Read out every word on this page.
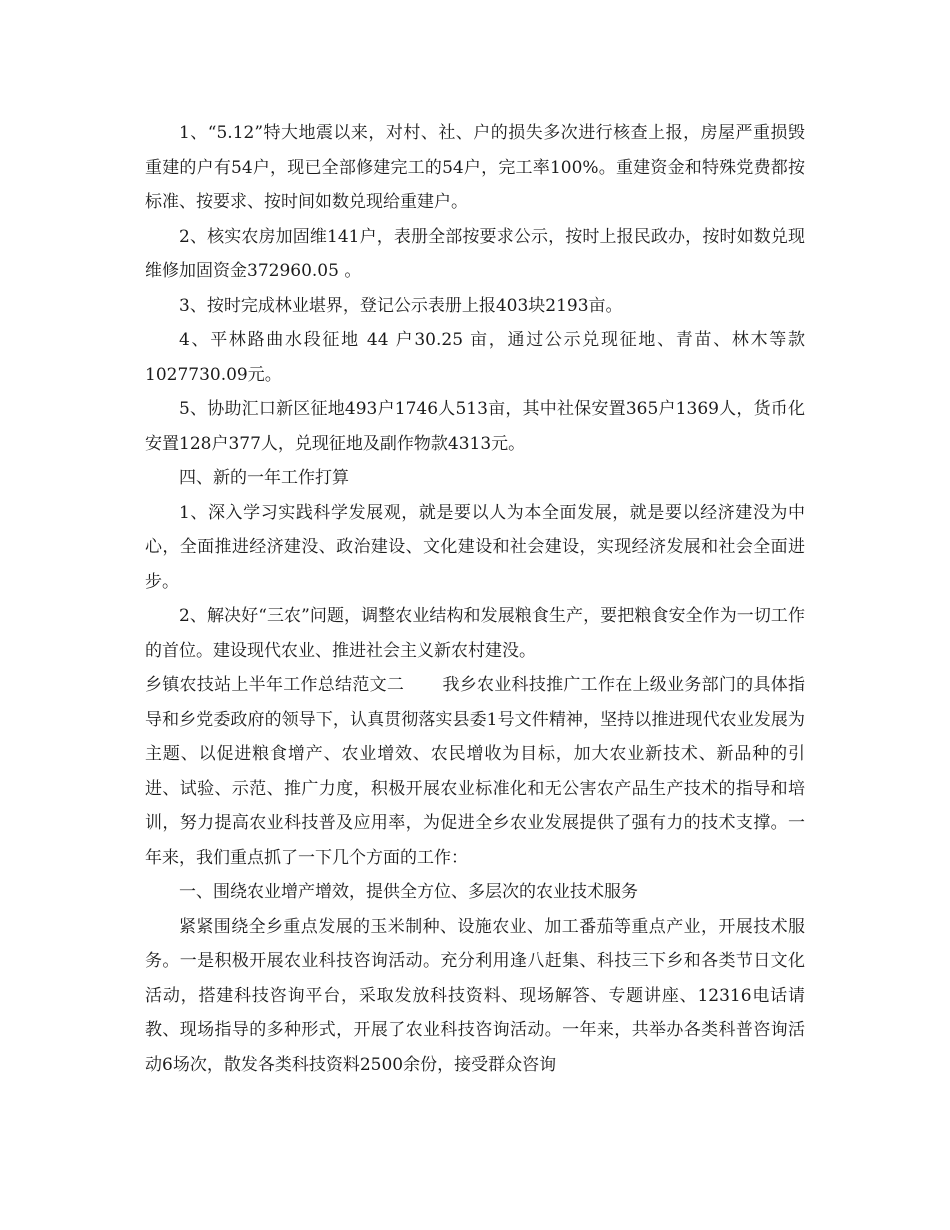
1、“5.12”特大地震以来，对村、社、户的损失多次进行核查上报，房屋严重损毁重建的户有54户，现已全部修建完工的54户，完工率100%。重建资金和特殊党费都按标准、按要求、按时间如数兑现给重建户。

2、核实农房加固维141户，表册全部按要求公示，按时上报民政办，按时如数兑现维修加固资金372960.05 。

3、按时完成林业堪界，登记公示表册上报403块2193亩。

4、平林路曲水段征地 44 户30.25 亩，通过公示兑现征地、青苗、林木等款1027730.09元。

5、协助汇口新区征地493户1746人513亩，其中社保安置365户1369人，货币化安置128户377人，兑现征地及副作物款4313元。

四、新的一年工作打算

1、深入学习实践科学发展观，就是要以人为本全面发展，就是要以经济建没为中心，全面推进经济建没、政治建设、文化建设和社会建设，实现经济发展和社会全面进步。

2、解决好“三农”问题，调整农业结构和发展粮食生产，要把粮食安全作为一切工作的首位。建设现代农业、推进社会主义新农村建没。

乡镇农技站上半年工作总结范文二 我乡农业科技推广工作在上级业务部门的具体指导和乡党委政府的领导下，认真贯彻落实县委1号文件精神，坚持以推进现代农业发展为主题、以促进粮食增产、农业增效、农民增收为目标，加大农业新技术、新品种的引进、试验、示范、推广力度，积极开展农业标准化和无公害农产品生产技术的指导和培训，努力提高农业科技普及应用率，为促进全乡农业发展提供了强有力的技术支撑。一年来，我们重点抓了一下几个方面的工作：

一、围绕农业增产增效，提供全方位、多层次的农业技术服务

紧紧围绕全乡重点发展的玉米制种、设施农业、加工番茄等重点产业，开展技术服务。一是积极开展农业科技咨询活动。充分利用逢八赶集、科技三下乡和各类节日文化活动，搭建科技咨询平台，采取发放科技资料、现场解答、专题讲座、12316电话请教、现场指导的多种形式，开展了农业科技咨询活动。一年来，共举办各类科普咨询活动6场次，散发各类科技资料2500余份，接受群众咨询
